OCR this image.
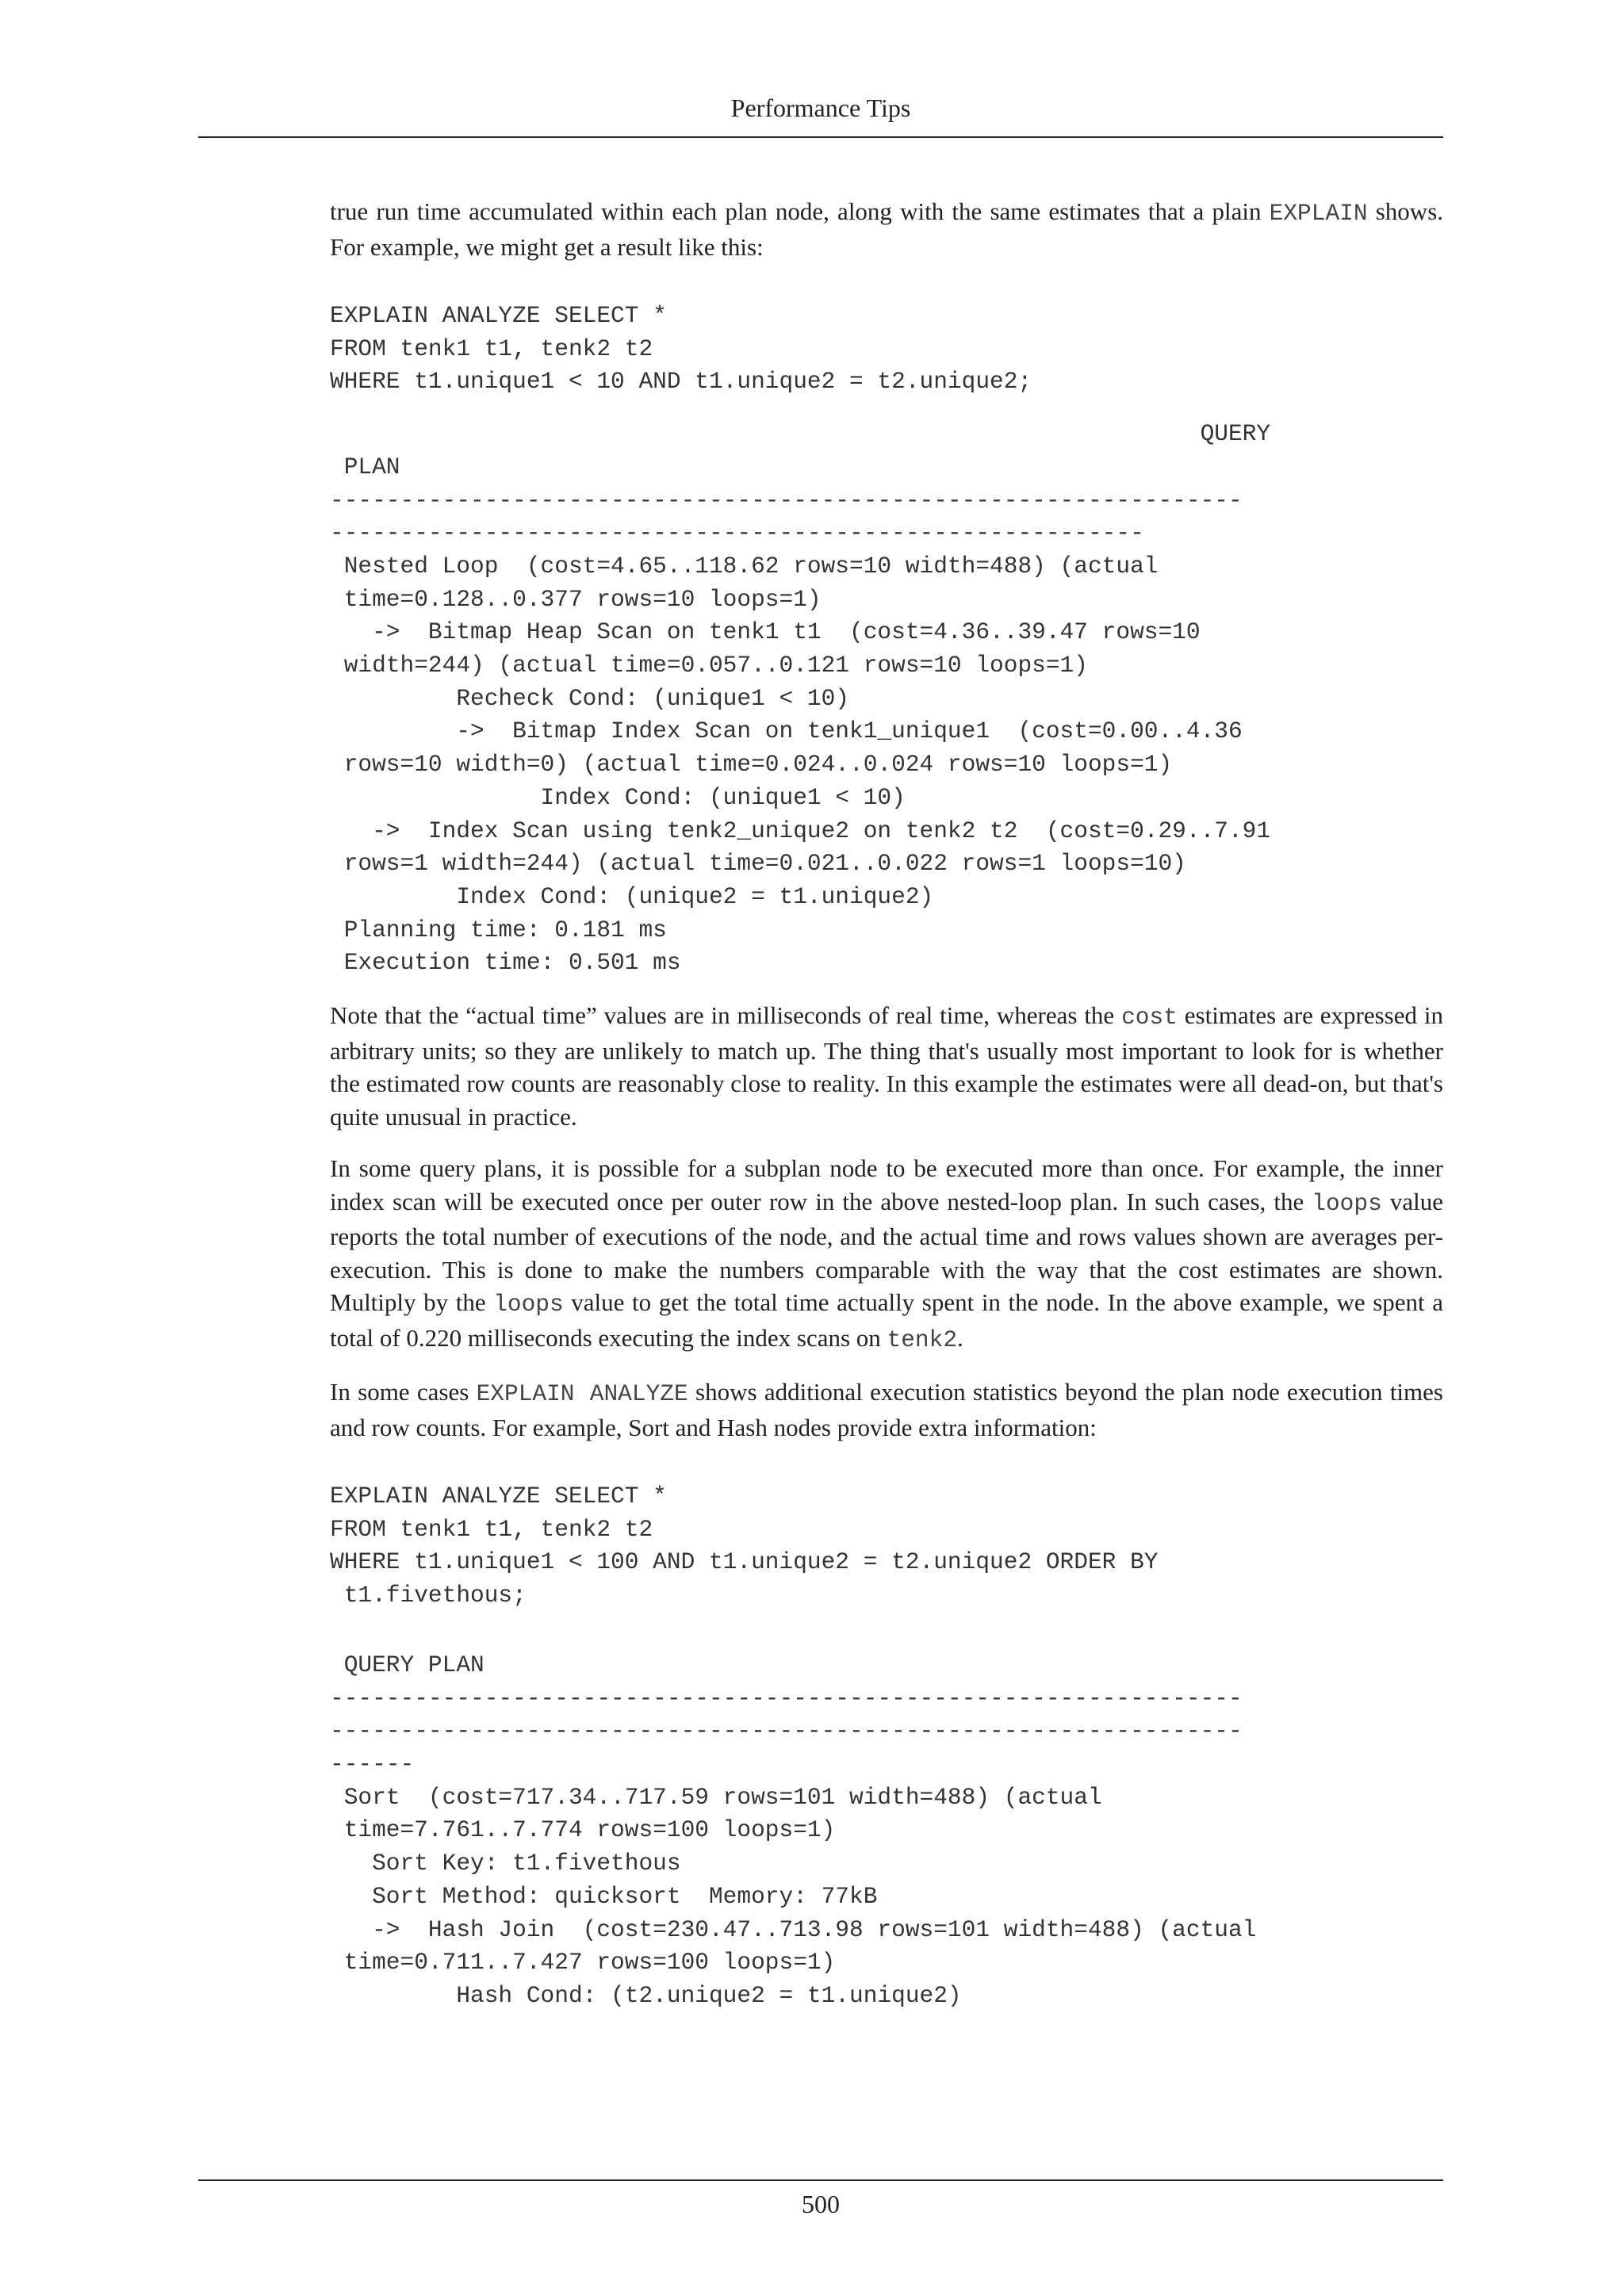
Performance Tips

true run time accumulated within each plan node, along with the same estimates that a plain EXPLAIN shows. For example, we might get a result like this:

EXPLAIN ANALYZE SELECT *
FROM tenk1 t1, tenk2 t2
WHERE t1.unique1 < 10 AND t1.unique2 = t2.unique2;
QUERY
PLAN
-----------------------------------------------------------------
----------------------------------------------------------
Nested Loop  (cost=4.65..118.62 rows=10 width=488) (actual
time=0.128..0.377 rows=10 loops=1)
->  Bitmap Heap Scan on tenk1 t1  (cost=4.36..39.47 rows=10
width=244) (actual time=0.057..0.121 rows=10 loops=1)
Recheck Cond: (unique1 < 10)
->  Bitmap Index Scan on tenk1_unique1  (cost=0.00..4.36
rows=10 width=0) (actual time=0.024..0.024 rows=10 loops=1)
Index Cond: (unique1 < 10)
->  Index Scan using tenk2_unique2 on tenk2 t2  (cost=0.29..7.91
rows=1 width=244) (actual time=0.021..0.022 rows=1 loops=10)
Index Cond: (unique2 = t1.unique2)
Planning time: 0.181 ms
Execution time: 0.501 ms

Note that the “actual time” values are in milliseconds of real time, whereas the cost estimates are expressed in arbitrary units; so they are unlikely to match up. The thing that's usually most important to look for is whether the estimated row counts are reasonably close to reality. In this example the estimates were all dead-on, but that's quite unusual in practice.

In some query plans, it is possible for a subplan node to be executed more than once. For example, the inner index scan will be executed once per outer row in the above nested-loop plan. In such cases, the loops value reports the total number of executions of the node, and the actual time and rows values shown are averages per-execution. This is done to make the numbers comparable with the way that the cost estimates are shown. Multiply by the loops value to get the total time actually spent in the node. In the above example, we spent a total of 0.220 milliseconds executing the index scans on tenk2.

In some cases EXPLAIN ANALYZE shows additional execution statistics beyond the plan node execution times and row counts. For example, Sort and Hash nodes provide extra information:

EXPLAIN ANALYZE SELECT *
FROM tenk1 t1, tenk2 t2
WHERE t1.unique1 < 100 AND t1.unique2 = t2.unique2 ORDER BY
t1.fivethous;
QUERY PLAN
-----------------------------------------------------------------
-----------------------------------------------------------------
------
Sort  (cost=717.34..717.59 rows=101 width=488) (actual
time=7.761..7.774 rows=100 loops=1)
Sort Key: t1.fivethous
Sort Method: quicksort  Memory: 77kB
->  Hash Join  (cost=230.47..713.98 rows=101 width=488) (actual
time=0.711..7.427 rows=100 loops=1)
Hash Cond: (t2.unique2 = t1.unique2)
500
